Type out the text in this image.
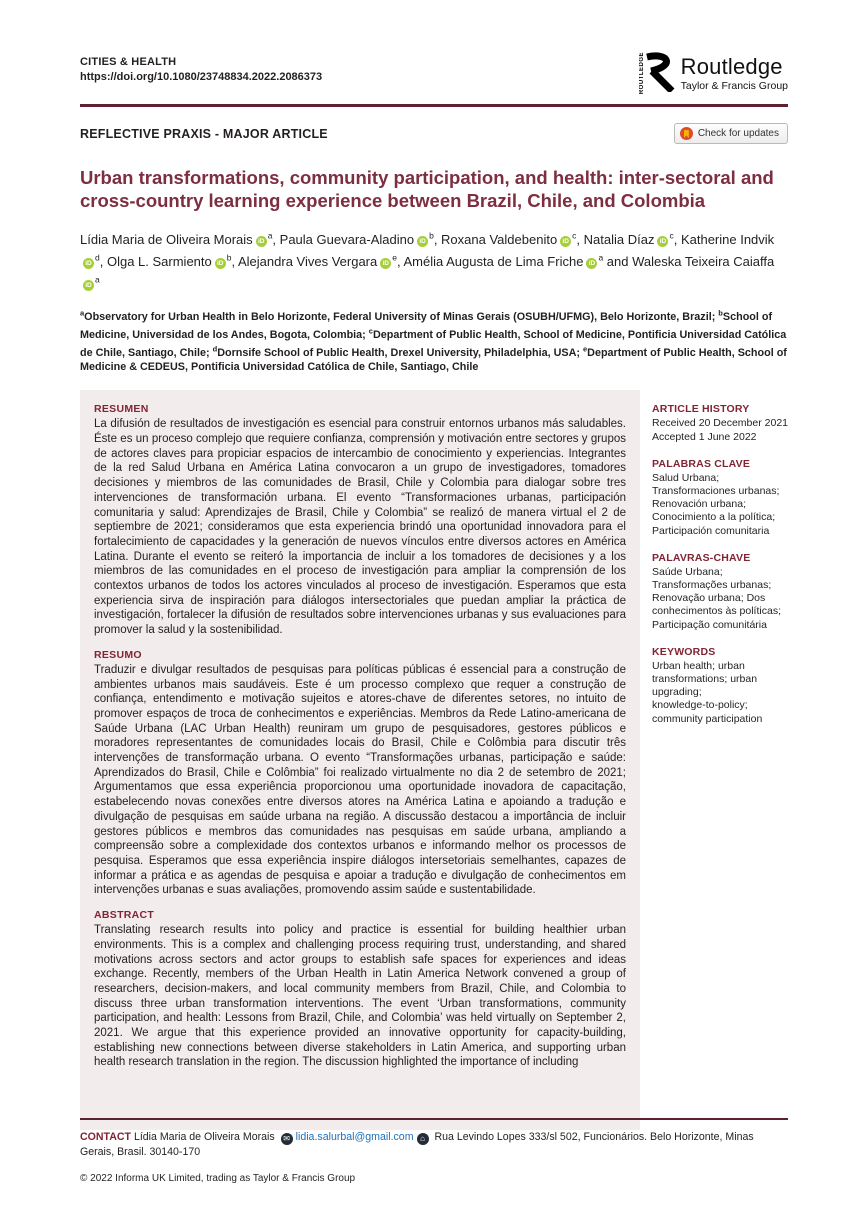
CITIES & HEALTH
https://doi.org/10.1080/23748834.2022.2086373	ROUTLEDGE Routledge
Taylor & Francis Group
REFLECTIVE PRAXIS - MAJOR ARTICLE	Check for updates
Urban transformations, community participation, and health: inter-sectoral and cross-country learning experience between Brazil, Chile, and Colombia
Lídia Maria de Oliveira Morais $iD^a$, Paula Guevara-Aladino $iD^b$, Roxana Valdebenito $iD^c$, Natalia Díaz $iD^c$, Katherine IndvikiD$^d$, Olga L. Sarmiento $iD^b$, Alejandra Vives Vergara $iD^e$, Amélia Augusta de Lima Friche $iD^a$ and Waleska Teixeira CaiaffaiD$^a$
$^a$Observatory for Urban Health in Belo Horizonte, Federal University of Minas Gerais (OSUBH/UFMG), Belo Horizonte, Brazil; $^b$School of Medicine, Universidad de los Andes, Bogota, Colombia; $^c$Department of Public Health, School of Medicine, Pontificia Universidad Católica de Chile, Santiago, Chile; $^d$Dornsife School of Public Health, Drexel University, Philadelphia, USA; $^e$Department of Public Health, School of Medicine & CEDEUS, Pontificia Universidad Católica de Chile, Santiago, Chile
RESUMEN
La difusión de resultados de investigación es esencial para construir entornos urbanos más saludables. Éste es un proceso complejo que requiere confianza, comprensión y motivación entre sectores y grupos de actores claves para propiciar espacios de intercambio de conocimiento y experiencias. Integrantes de la red Salud Urbana en América Latina convocaron a un grupo de investigadores, tomadores decisiones y miembros de las comunidades de Brasil, Chile y Colombia para dialogar sobre tres intervenciones de transformación urbana. El evento “Transformaciones urbanas, participación comunitaria y salud: Aprendizajes de Brasil, Chile y Colombia” se realizó de manera virtual el 2 de septiembre de 2021; consideramos que esta experiencia brindó una oportunidad innovadora para el fortalecimiento de capacidades y la generación de nuevos vínculos entre diversos actores en América Latina. Durante el evento se reiteró la importancia de incluir a los tomadores de decisiones y a los miembros de las comunidades en el proceso de investigación para ampliar la comprensión de los contextos urbanos de todos los actores vinculados al proceso de investigación. Esperamos que esta experiencia sirva de inspiración para diálogos intersectoriales que puedan ampliar la práctica de investigación, fortalecer la difusión de resultados sobre intervenciones urbanas y sus evaluaciones para promover la salud y la sostenibilidad.
RESUMO
Traduzir e divulgar resultados de pesquisas para políticas públicas é essencial para a construção de ambientes urbanos mais saudáveis. Este é um processo complexo que requer a construção de confiança, entendimento e motivação sujeitos e atores-chave de diferentes setores, no intuito de promover espaços de troca de conhecimentos e experiências. Membros da Rede Latino-americana de Saúde Urbana (LAC Urban Health) reuniram um grupo de pesquisadores, gestores públicos e moradores representantes de comunidades locais do Brasil, Chile e Colômbia para discutir três intervenções de transformação urbana. O evento “Transformações urbanas, participação e saúde: Aprendizados do Brasil, Chile e Colômbia” foi realizado virtualmente no dia 2 de setembro de 2021; Argumentamos que essa experiência proporcionou uma oportunidade inovadora de capacitação, estabelecendo novas conexões entre diversos atores na América Latina e apoiando a tradução e divulgação de pesquisas em saúde urbana na região. A discussão destacou a importância de incluir gestores públicos e membros das comunidades nas pesquisas em saúde urbana, ampliando a compreensão sobre a complexidade dos contextos urbanos e informando melhor os processos de pesquisa. Esperamos que essa experiência inspire diálogos intersetoriais semelhantes, capazes de informar a prática e as agendas de pesquisa e apoiar a tradução e divulgação de conhecimentos em intervenções urbanas e suas avaliações, promovendo assim saúde e sustentabilidade.
ABSTRACT
Translating research results into policy and practice is essential for building healthier urban environments. This is a complex and challenging process requiring trust, understanding, and shared motivations across sectors and actor groups to establish safe spaces for experiences and ideas exchange. Recently, members of the Urban Health in Latin America Network convened a group of researchers, decision-makers, and local community members from Brazil, Chile, and Colombia to discuss three urban transformation interventions. The event ‘Urban transformations, community participation, and health: Lessons from Brazil, Chile, and Colombia’ was held virtually on September 2, 2021. We argue that this experience provided an innovative opportunity for capacity-building, establishing new connections between diverse stakeholders in Latin America, and supporting urban health research translation in the region. The discussion highlighted the importance of including
ARTICLE HISTORY
Received 20 December 2021
Accepted 1 June 2022
PALABRAS CLAVE
Salud Urbana;
Transformaciones urbanas;
Renovación urbana;
Conocimiento a la política;
Participación comunitaria
PALAVRAS-CHAVE
Saúde Urbana;
Transformações urbanas;
Renovação urbana; Dos
conhecimentos às políticas;
Participação comunitária
KEYWORDS
Urban health; urban
transformations; urban
upgrading;
knowledge-to-policy;
community participation
CONTACT Lídia Maria de Oliveira Morais ✉ lidia.salurbal@gmail.com ⌂ Rua Levindo Lopes 333/sl 502, Funcionários. Belo Horizonte, Minas Gerais, Brasil. 30140-170
© 2022 Informa UK Limited, trading as Taylor & Francis Group
